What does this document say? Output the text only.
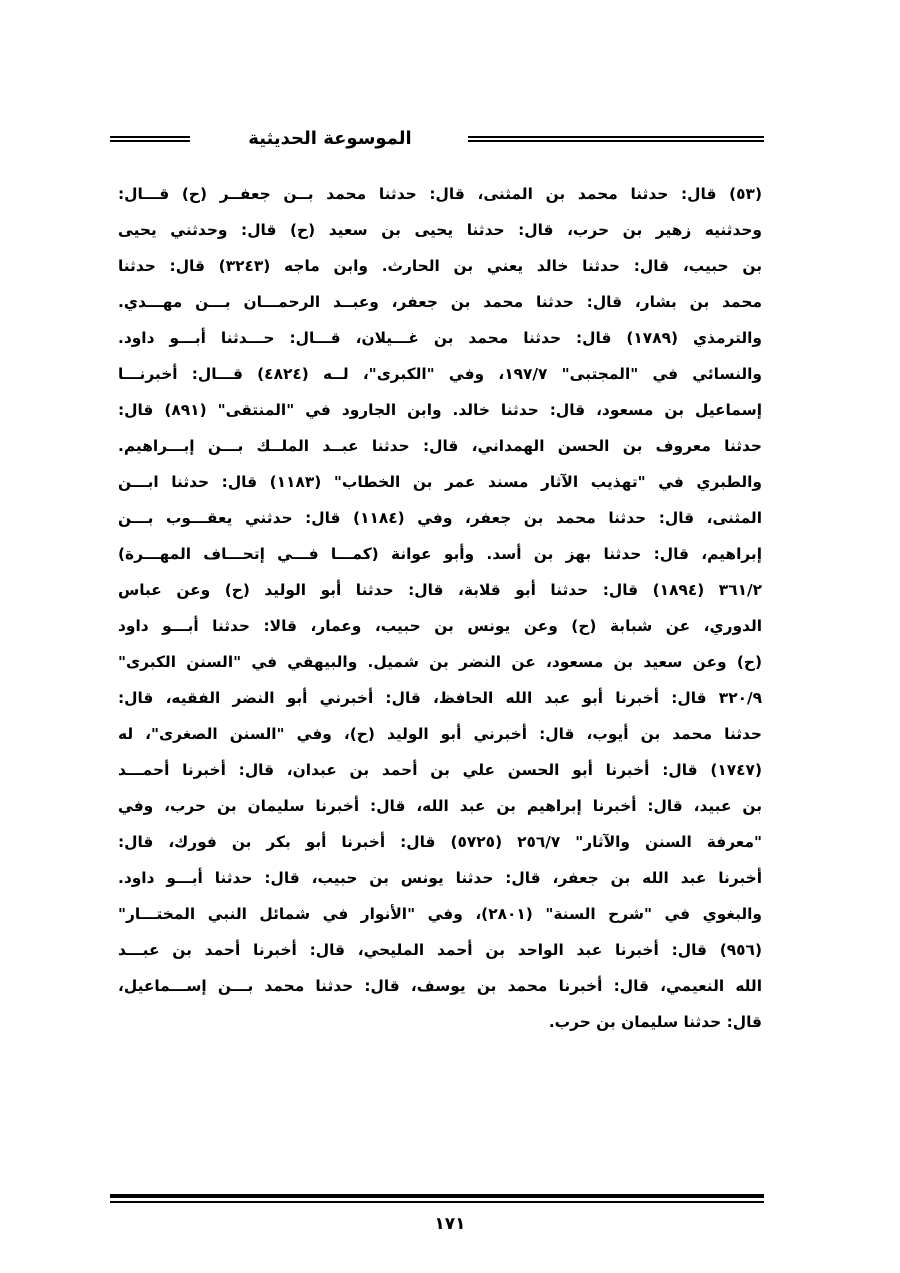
الموسوعة الحديثية
(٥٣) قال: حدثنا محمد بن المثنى، قال: حدثنا محمد بــن جعفــر (ح) قـــال:
وحدثنيه زهير بن حرب، قال: حدثنا يحيى بن سعيد (ح) قال: وحدثني يحيى
بن حبيب، قال: حدثنا خالد يعني بن الحارث. وابن ماجه (٣٢٤٣) قال: حدثنا
محمد بن بشار، قال: حدثنا محمد بن جعفر، وعبــد الرحمـــان بـــن مهـــدي.
والترمذي (١٧٨٩) قال: حدثنا محمد بن غـــيلان، قـــال: حـــدثنا أبـــو داود.
والنسائي في "المجتبى" ١٩٧/٧، وفي "الكبرى"، لــه (٤٨٢٤) قـــال: أخبرنـــا
إسماعيل بن مسعود، قال: حدثنا خالد. وابن الجارود في "المنتقى" (٨٩١) قال:
حدثنا معروف بن الحسن الهمداني، قال: حدثنا عبــد الملــك بـــن إبـــراهيم.
والطبري في "تهذيب الآثار مسند عمر بن الخطاب" (١١٨٣) قال: حدثنا ابـــن
المثنى، قال: حدثنا محمد بن جعفر، وفي (١١٨٤) قال: حدثني يعقـــوب بـــن
إبراهيم، قال: حدثنا بهز بن أسد. وأبو عوانة (كمـــا فـــي إتحـــاف المهـــرة)
٣٦١/٢ (١٨٩٤) قال: حدثنا أبو قلابة، قال: حدثنا أبو الوليد (ح) وعن عباس
الدوري، عن شبابة (ح) وعن يونس بن حبيب، وعمار، قالا: حدثنا أبـــو داود
(ح) وعن سعيد بن مسعود، عن النضر بن شميل. والبيهقي في "السنن الكبرى"
٣٢٠/٩ قال: أخبرنا أبو عبد الله الحافظ، قال: أخبرني أبو النضر الفقيه، قال:
حدثنا محمد بن أيوب، قال: أخبرني أبو الوليد (ح)، وفي "السنن الصغرى"، له
(١٧٤٧) قال: أخبرنا أبو الحسن علي بن أحمد بن عبدان، قال: أخبرنا أحمـــد
بن عبيد، قال: أخبرنا إبراهيم بن عبد الله، قال: أخبرنا سليمان بن حرب، وفي
"معرفة السنن والآثار" ٢٥٦/٧ (٥٧٢٥) قال: أخبرنا أبو بكر بن فورك، قال:
أخبرنا عبد الله بن جعفر، قال: حدثنا يونس بن حبيب، قال: حدثنا أبـــو داود.
والبغوي في "شرح السنة" (٢٨٠١)، وفي "الأنوار في شمائل النبي المختـــار"
(٩٥٦) قال: أخبرنا عبد الواحد بن أحمد المليحي، قال: أخبرنا أحمد بن عبـــد
الله النعيمي، قال: أخبرنا محمد بن يوسف، قال: حدثنا محمد بـــن إســـماعيل،
قال: حدثنا سليمان بن حرب.
١٧١
